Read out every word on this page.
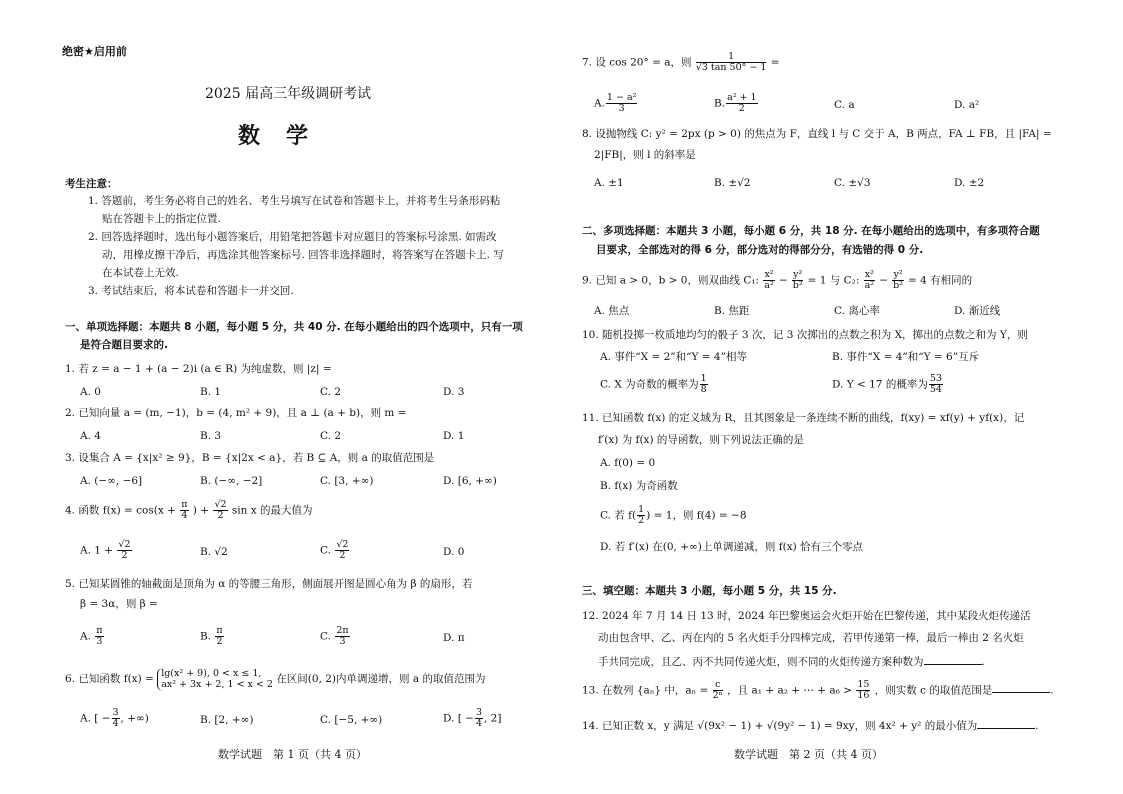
绝密★启用前
2025 届高三年级调研考试
数　学
考生注意：
1. 答题前，考生务必将自己的姓名、考生号填写在试卷和答题卡上，并将考生号条形码粘
贴在答题卡上的指定位置.
2. 回答选择题时，选出每小题答案后，用铅笔把答题卡对应题目的答案标号涂黑. 如需改
动，用橡皮擦干净后，再选涂其他答案标号. 回答非选择题时，将答案写在答题卡上. 写
在本试卷上无效.
3. 考试结束后，将本试卷和答题卡一并交回.
一、单项选择题：本题共 8 小题，每小题 5 分，共 40 分. 在每小题给出的四个选项中，只有一项
是符合题目要求的.
1. 若 z = a − 1 + (a − 2)i (a ∈ R) 为纯虚数，则 |z| =
A. 0	B. 1	C. 2	D. 3
2. 已知向量 a = (m, −1)，b = (4, m² + 9)，且 a ⊥ (a + b)，则 m =
A. 4	B. 3	C. 2	D. 1
3. 设集合 A = {x|x² ≥ 9}，B = {x|2x < a}，若 B ⊆ A，则 a 的取值范围是
A. (−∞, −6]	B. (−∞, −2]	C. [3, +∞)	D. [6, +∞)
4. 函数 $f(x) = \cos(x + \frac{\pi}{4}$ ) + $\frac{√2}{2}$ sin x 的最大值为
A. $1 + \frac{√2}{2}$	B. √2	C. $\frac{√2}{2}$	D. 0
5. 已知某圆锥的轴截面是顶角为 α 的等腰三角形，侧面展开图是圆心角为 β 的扇形，若
β = 3α，则 β =
A. $\frac{\pi}{3}$	B. $\frac{\pi}{2}$	C. $\frac{2\pi}{3}$	D. π
6. 已知函数 f(x) = lg(x² + 9), 0 < x ≤ 1,
ax² + 3x + 2, 1 < x < 2
在区间(0, 2)内单调递增，则 a 的取值范围为
A. [ − $\frac{3}{4}$ , +∞)	B. [2, +∞)	C. [−5, +∞)	D. [ − $\frac{3}{4}$ , 2]
数学试题　第 1 页（共 4 页）
7. 设 cos 20° = a，则 $\frac{1}{√3 \tan 50^\circ - 1}$ =
A. $\frac{\text{1 − a²}}{3}$	B. $\frac{\text{a² + 1}}{2}$	C. a	D. a²
8. 设抛物线 C: y² = 2px (p > 0) 的焦点为 F，直线 l 与 C 交于 A，B 两点，FA ⊥ FB，且 |FA| =
2|FB|，则 l 的斜率是
A. ±1	B. ±√2	C. ±√3	D. ±2
二、多项选择题：本题共 3 小题，每小题 6 分，共 18 分. 在每小题给出的选项中，有多项符合题
目要求，全部选对的得 6 分，部分选对的得部分分，有选错的得 0 分.
9. 已知 a > 0，b > 0，则双曲线 C₁: $\frac{\text{x²}}{\text{a²}} - \frac{\text{y²}}{\text{b²}} = 1$ 与 C₂: $\frac{\text{x²}}{\text{a²}} - \frac{\text{y²}}{\text{b²}} = 4$ 有相同的
A. 焦点	B. 焦距	C. 离心率	D. 渐近线
10. 随机投掷一枚质地均匀的骰子 3 次，记 3 次掷出的点数之积为 X，掷出的点数之和为 Y，则
A. 事件“X = 2”和“Y = 4”相等	B. 事件“X = 4”和“Y = 6”互斥
C. X 为奇数的概率为 $\frac{1}{8}$	D. Y < 17 的概率为 $\frac{53}{54}$
11. 已知函数 f(x) 的定义域为 R，且其图象是一条连续不断的曲线，f(xy) = xf(y) + yf(x)，记
f′(x) 为 f(x) 的导函数，则下列说法正确的是
A. f(0) = 0
B. f(x) 为奇函数
C. 若 $f( \frac{1}{2}$ ) = 1，则 f(4) = −8
D. 若 f′(x) 在(0, +∞)上单调递减，则 f(x) 恰有三个零点
三、填空题：本题共 3 小题，每小题 5 分，共 15 分.
12. 2024 年 7 月 14 日 13 时，2024 年巴黎奥运会火炬开始在巴黎传递，其中某段火炬传递活
动由包含甲、乙、丙在内的 5 名火炬手分四棒完成，若甲传递第一棒，最后一棒由 2 名火炬
手共同完成，且乙、丙不共同传递火炬，则不同的火炬传递方案种数为	.
13. 在数列 {aₙ} 中，$a_n = \frac{c}{\text{2ⁿ}}$ ，且 a₁ + a₂ + ⋯ + $a_6 > \frac{15}{16}$ ，则实数 c 的取值范围是	.
14. 已知正数 x，y 满足 √(9x² − 1) + √(9y² − 1) = 9xy，则 4x² + y² 的最小值为	.
数学试题　第 2 页（共 4 页）
